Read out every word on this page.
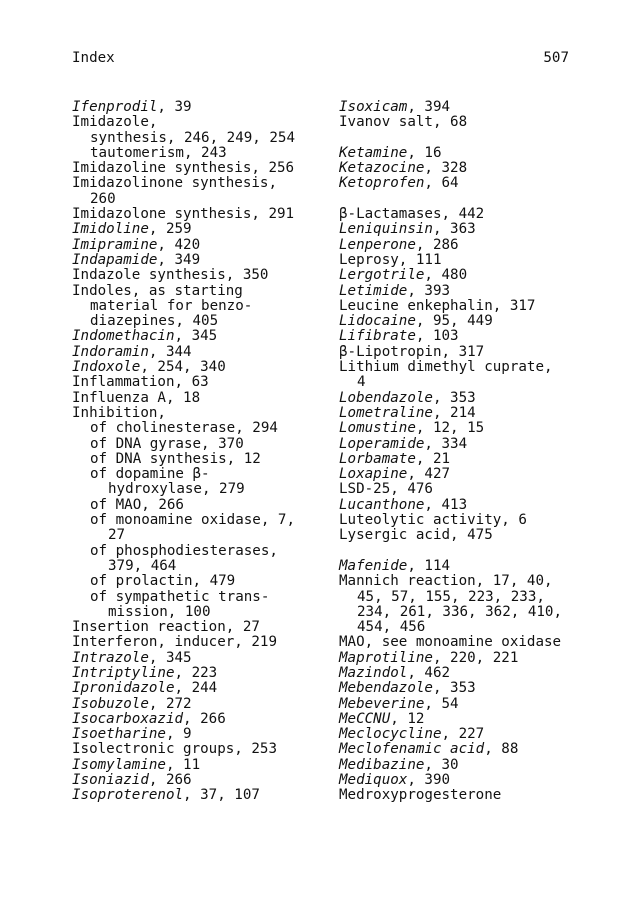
Index	507
Ifenprodil, 39
Imidazole,
synthesis, 246, 249, 254
tautomerism, 243
Imidazoline synthesis, 256
Imidazolinone synthesis,
260
Imidazolone synthesis, 291
Imidoline, 259
Imipramine, 420
Indapamide, 349
Indazole synthesis, 350
Indoles, as starting
material for benzo-
diazepines, 405
Indomethacin, 345
Indoramin, 344
Indoxole, 254, 340
Inflammation, 63
Influenza A, 18
Inhibition,
of cholinesterase, 294
of DNA gyrase, 370
of DNA synthesis, 12
of dopamine β-
hydroxylase, 279
of MAO, 266
of monoamine oxidase, 7,
27
of phosphodiesterases,
379, 464
of prolactin, 479
of sympathetic trans-
mission, 100
Insertion reaction, 27
Interferon, inducer, 219
Intrazole, 345
Intriptyline, 223
Ipronidazole, 244
Isobuzole, 272
Isocarboxazid, 266
Isoetharine, 9
Isolectronic groups, 253
Isomylamine, 11
Isoniazid, 266
Isoproterenol, 37, 107
Isoxicam, 394
Ivanov salt, 68
Ketamine, 16
Ketazocine, 328
Ketoprofen, 64
β-Lactamases, 442
Leniquinsin, 363
Lenperone, 286
Leprosy, 111
Lergotrile, 480
Letimide, 393
Leucine enkephalin, 317
Lidocaine, 95, 449
Lifibrate, 103
β-Lipotropin, 317
Lithium dimethyl cuprate,
4
Lobendazole, 353
Lometraline, 214
Lomustine, 12, 15
Loperamide, 334
Lorbamate, 21
Loxapine, 427
LSD-25, 476
Lucanthone, 413
Luteolytic activity, 6
Lysergic acid, 475
Mafenide, 114
Mannich reaction, 17, 40,
45, 57, 155, 223, 233,
234, 261, 336, 362, 410,
454, 456
MAO, see monoamine oxidase
Maprotiline, 220, 221
Mazindol, 462
Mebendazole, 353
Mebeverine, 54
MeCCNU, 12
Meclocycline, 227
Meclofenamic acid, 88
Medibazine, 30
Mediquox, 390
Medroxyprogesterone
